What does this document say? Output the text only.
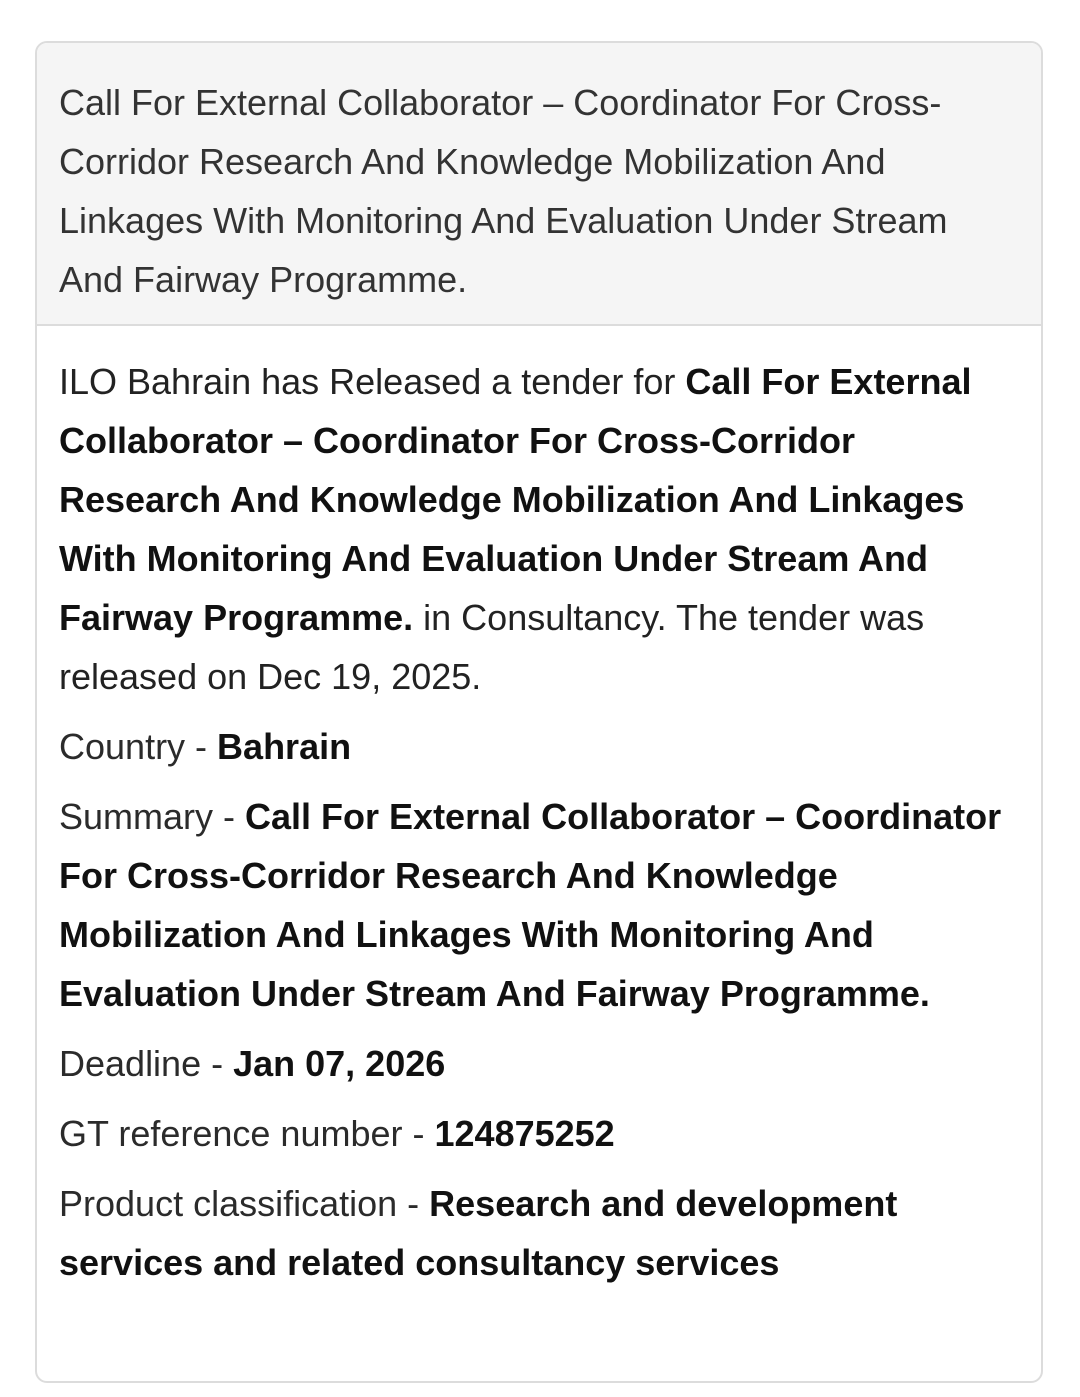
Call For External Collaborator – Coordinator For Cross-Corridor Research And Knowledge Mobilization And Linkages With Monitoring And Evaluation Under Stream And Fairway Programme.
ILO Bahrain has Released a tender for Call For External Collaborator – Coordinator For Cross-Corridor Research And Knowledge Mobilization And Linkages With Monitoring And Evaluation Under Stream And Fairway Programme. in Consultancy. The tender was released on Dec 19, 2025.
Country - Bahrain
Summary - Call For External Collaborator – Coordinator For Cross-Corridor Research And Knowledge Mobilization And Linkages With Monitoring And Evaluation Under Stream And Fairway Programme.
Deadline - Jan 07, 2026
GT reference number - 124875252
Product classification - Research and development services and related consultancy services
